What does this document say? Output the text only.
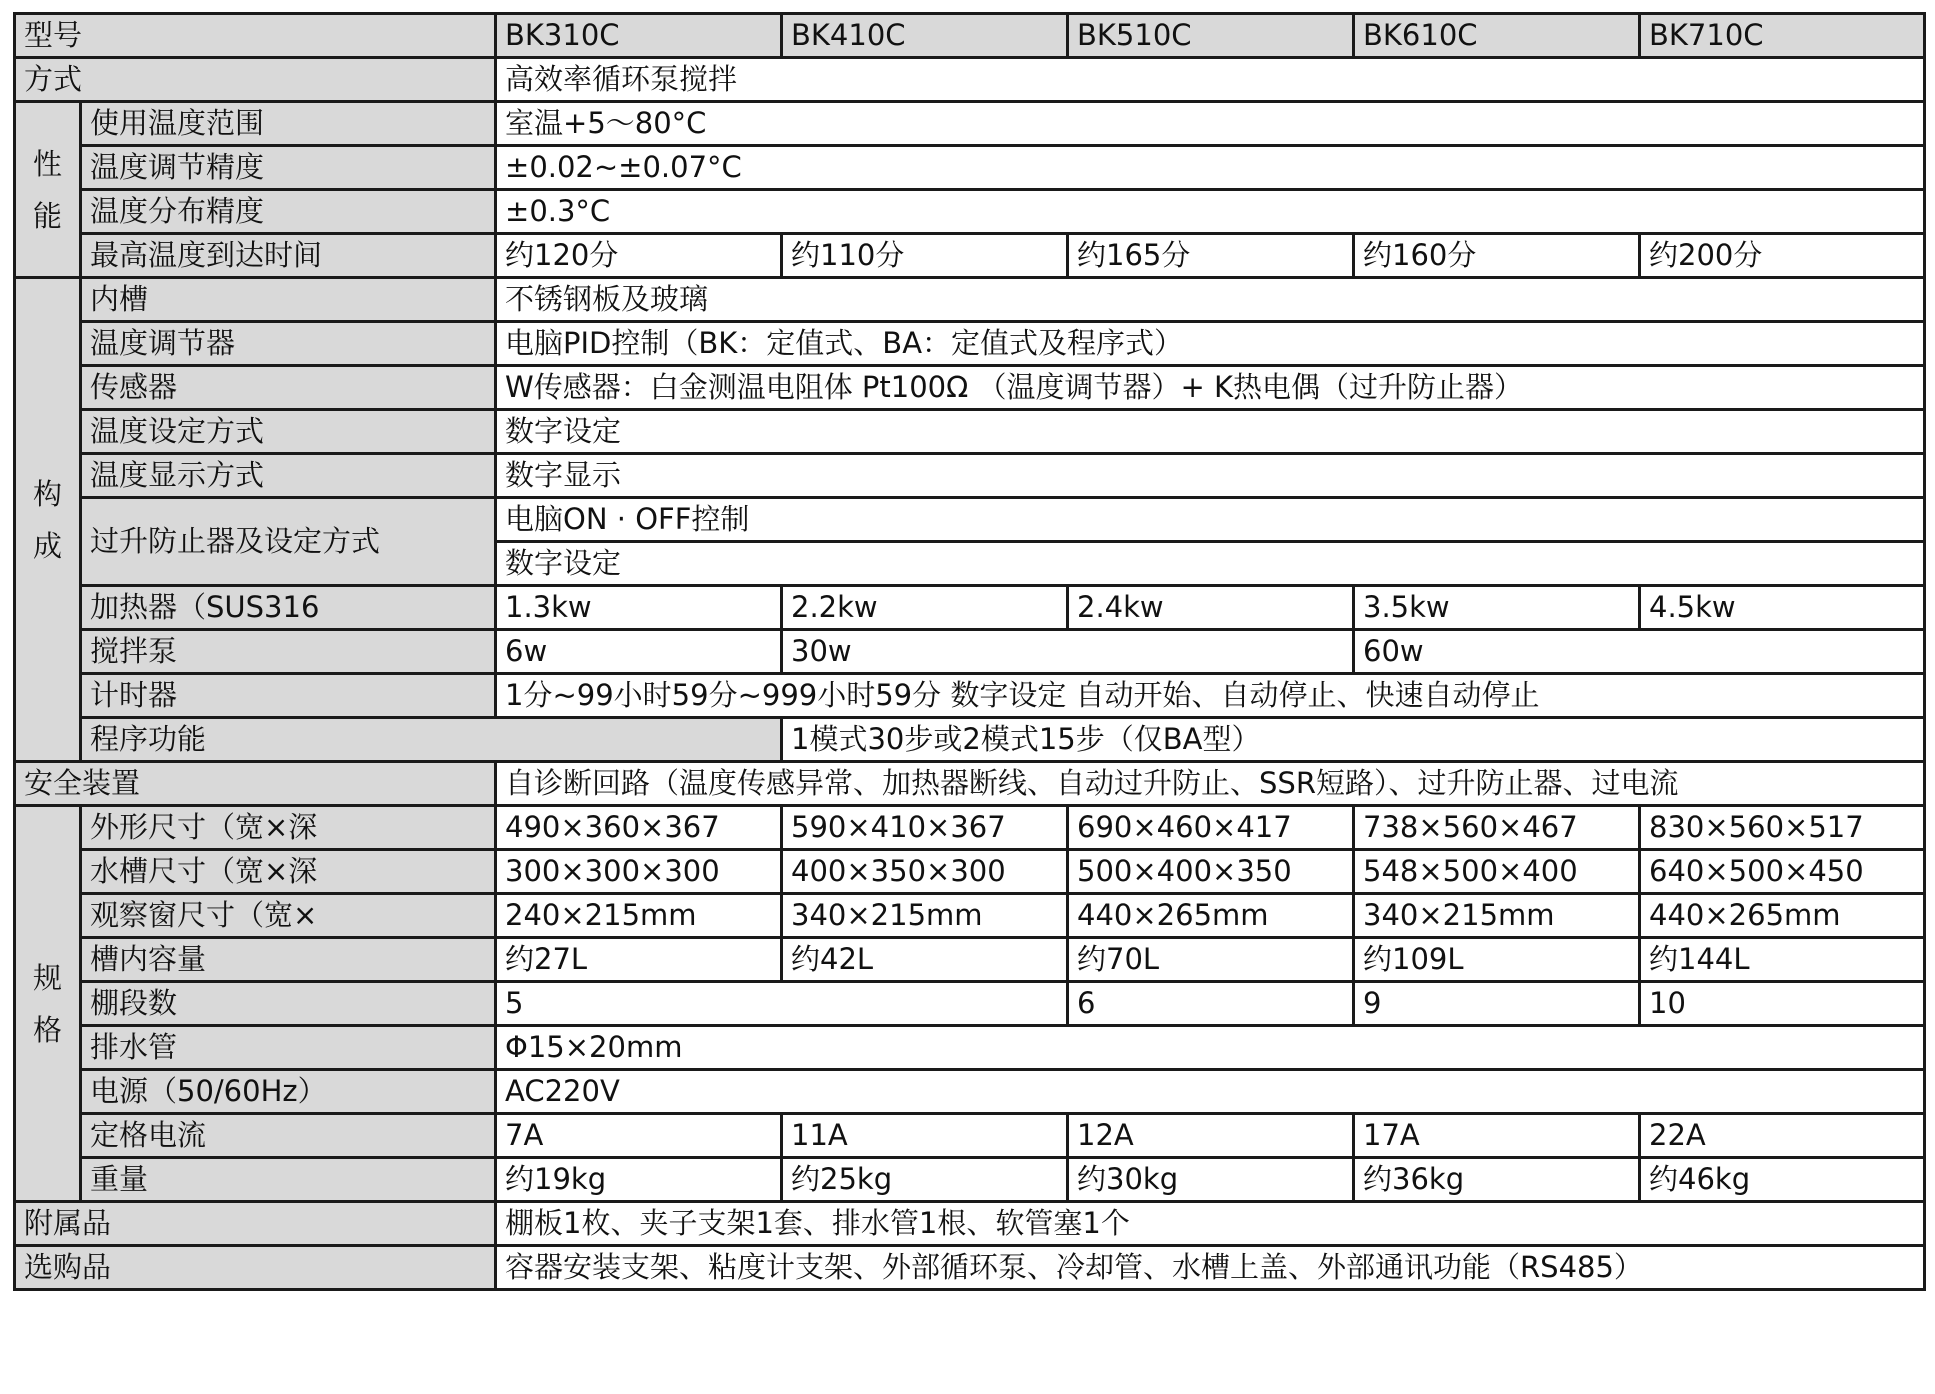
型号		BK310C	BK410C	BK510C	BK610C	BK710C
方式		高效率循环泵搅拌				
性能	使用温度范围	室温+5～80°C				
	温度调节精度	±0.02~±0.07°C				
	温度分布精度	±0.3°C				
	最高温度到达时间	约120分	约110分	约165分	约160分	约200分
构成	内槽	不锈钢板及玻璃				
	温度调节器	电脑PID控制（BK：定值式、BA：定值式及程序式）				
	传感器	W传感器：白金测温电阻体 Pt100Ω （温度调节器）+ K热电偶（过升防止器）				
	温度设定方式	数字设定				
	温度显示方式	数字显示				
	过升防止器及设定方式	电脑ON · OFF控制				
		数字设定				
	加热器（SUS316	1.3kw	2.2kw	2.4kw	3.5kw	4.5kw
	搅拌泵	6w	30w		60w	
	计时器	1分~99小时59分~999小时59分 数字设定 自动开始、自动停止、快速自动停止				
	程序功能		1模式30步或2模式15步（仅BA型）			
安全装置		自诊断回路（温度传感异常、加热器断线、自动过升防止、SSR短路）、过升防止器、过电流				
规格	外形尺寸（宽×深	490×360×367	590×410×367	690×460×417	738×560×467	830×560×517
	水槽尺寸（宽×深	300×300×300	400×350×300	500×400×350	548×500×400	640×500×450
	观察窗尺寸（宽×	240×215mm	340×215mm	440×265mm	340×215mm	440×265mm
	槽内容量	约27L	约42L	约70L	约109L	约144L
	棚段数	5		6	9	10
	排水管	Φ15×20mm				
	电源（50/60Hz）	AC220V				
	定格电流	7A	11A	12A	17A	22A
	重量	约19kg	约25kg	约30kg	约36kg	约46kg
附属品		棚板1枚、夹子支架1套、排水管1根、软管塞1个				
选购品		容器安装支架、粘度计支架、外部循环泵、冷却管、水槽上盖、外部通讯功能（RS485）				
